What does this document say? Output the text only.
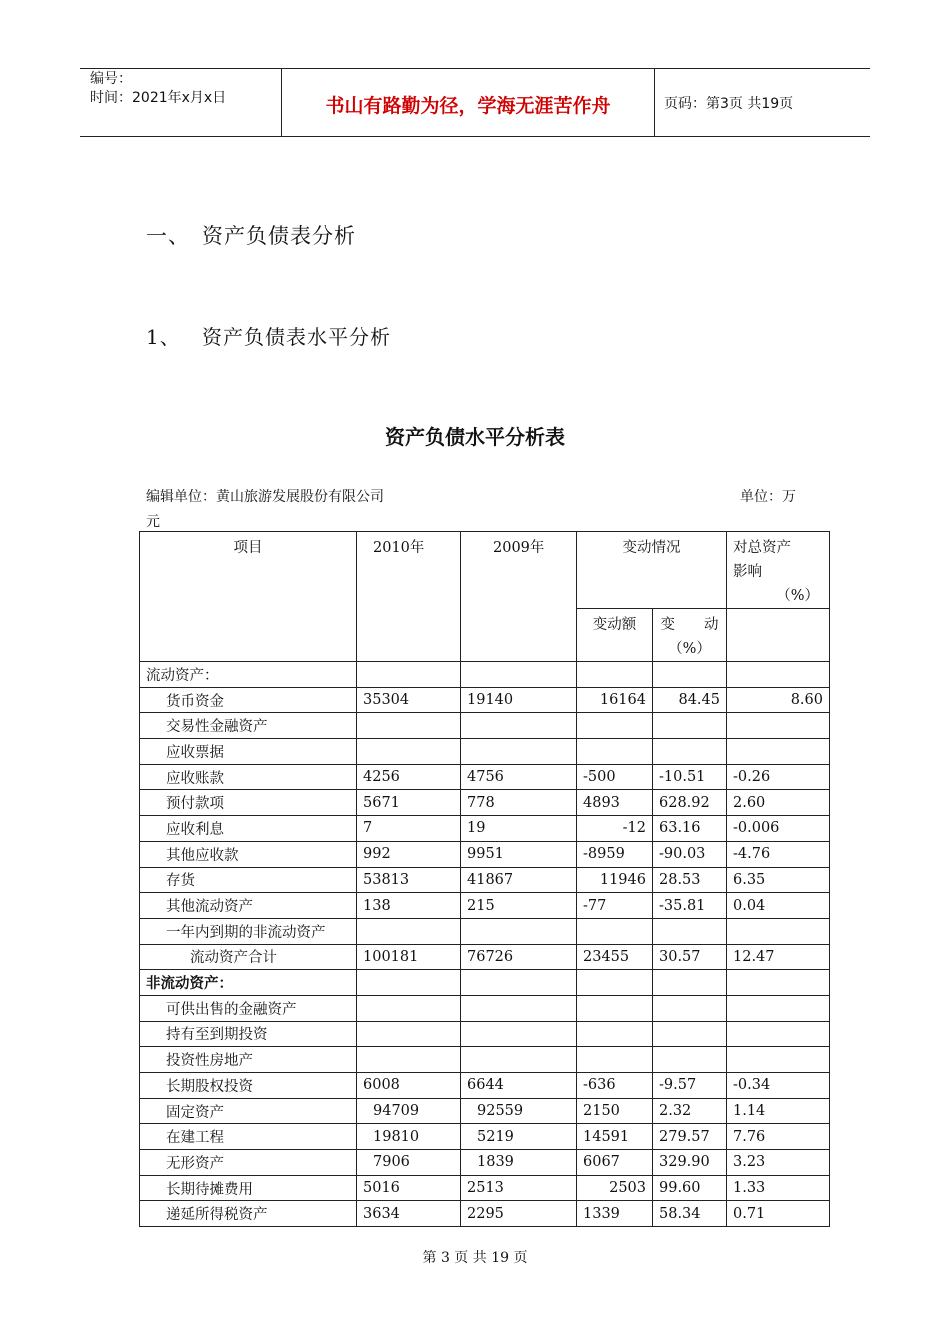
编号：
时间：2021年x月x日	书山有路勤为径，学海无涯苦作舟	页码：第3页 共19页
一、 资产负债表分析
1、 资产负债表水平分析
资产负债水平分析表
编辑单位：黄山旅游发展股份有限公司	单位：万
元
项目	2010年	2009年	变动情况		对总资产
影响
（%）

			变动额	变　　动
（%）	

流动资产：					
货币资金	35304	19140	16164	84.45	8.60
交易性金融资产					
应收票据					
应收账款	4256	4756	-500	-10.51	-0.26
预付款项	5671	778	4893	628.92	2.60
应收利息	7	19	-12	63.16	-0.006
其他应收款	992	9951	-8959	-90.03	-4.76
存货	53813	41867	11946	28.53	6.35
其他流动资产	138	215	-77	-35.81	0.04
一年内到期的非流动资产					
流动资产合计	100181	76726	23455	30.57	12.47
非流动资产：					
可供出售的金融资产					
持有至到期投资					
投资性房地产					
长期股权投资	6008	6644	-636	-9.57	-0.34
固定资产	94709	92559	2150	2.32	1.14
在建工程	19810	5219	14591	279.57	7.76
无形资产	7906	1839	6067	329.90	3.23
长期待摊费用	5016	2513	2503	99.60	1.33
递延所得税资产	3634	2295	1339	58.34	0.71
第 3 页 共 19 页
